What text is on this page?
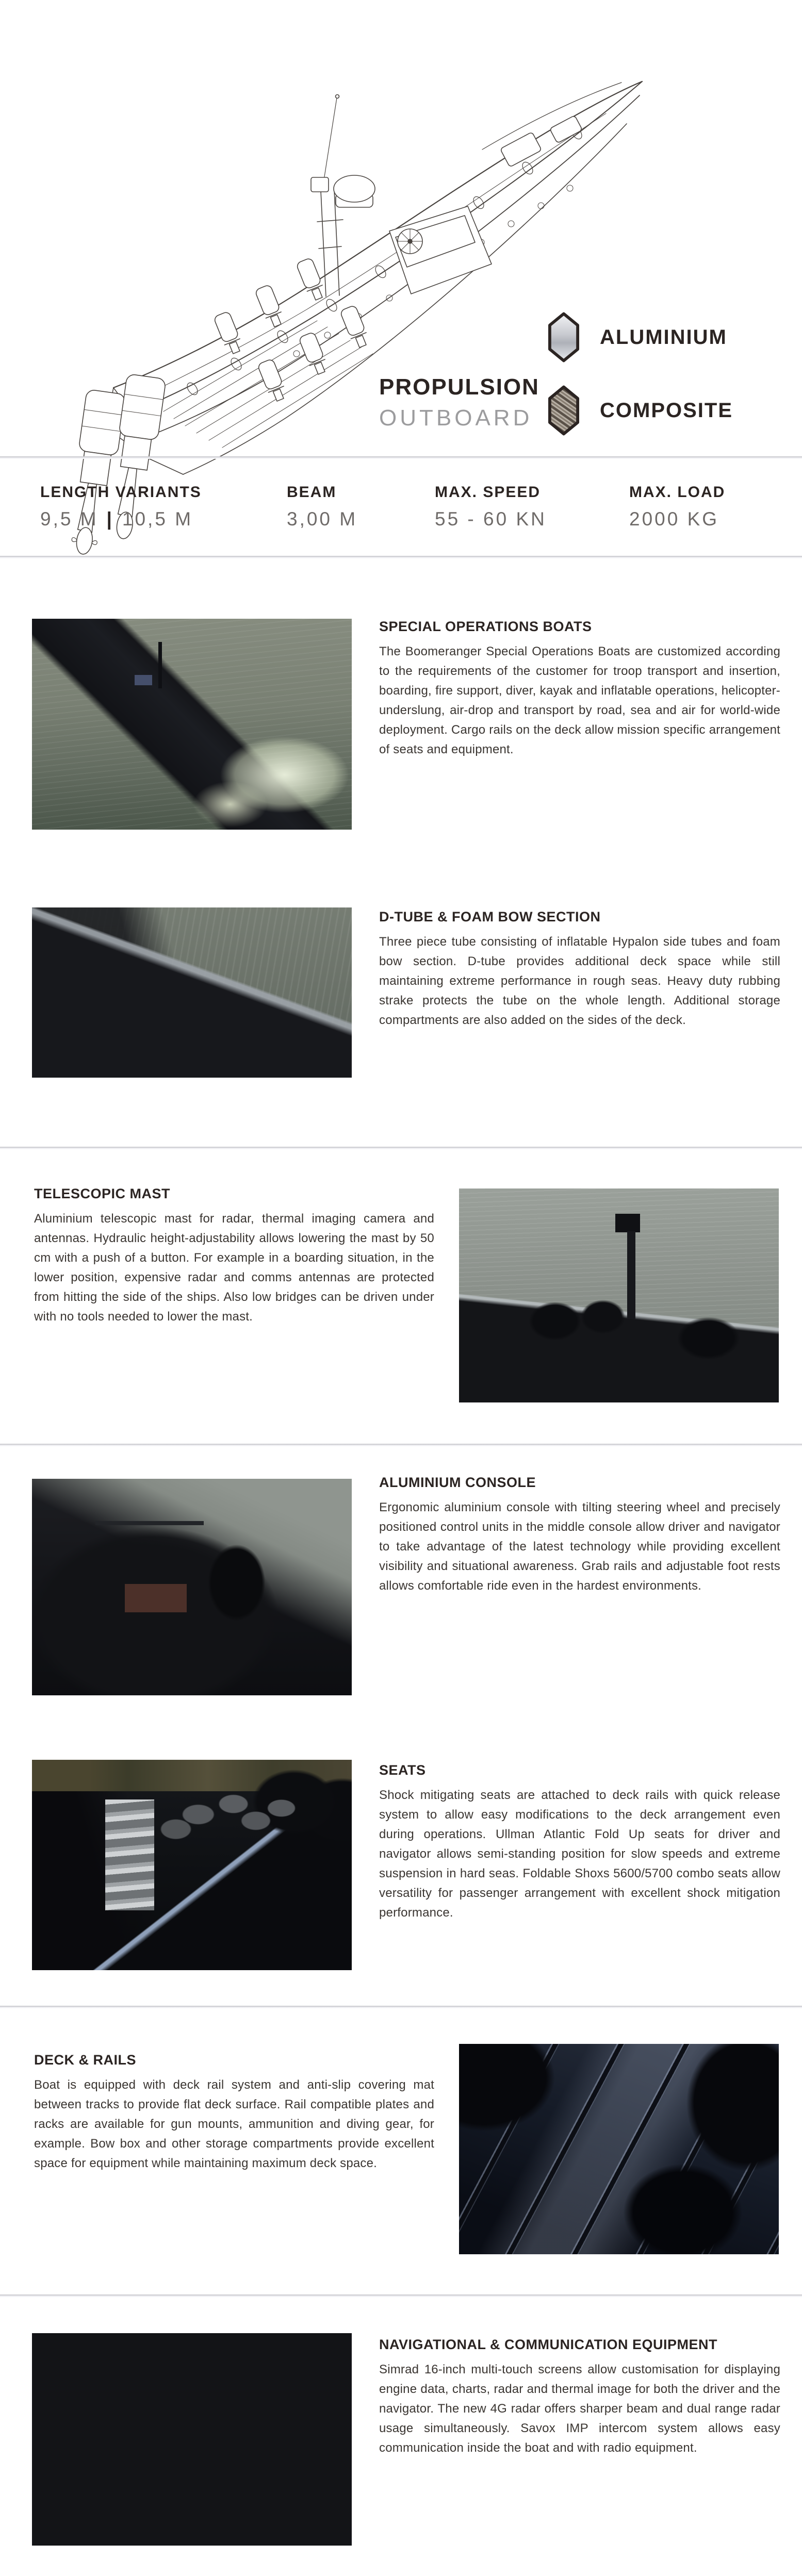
PROPULSION
OUTBOARD
ALUMINIUM
COMPOSITE
LENGTH VARIANTS
9,5 M | 10,5 M
BEAM
3,00 M
MAX. SPEED
55 - 60 KN
MAX. LOAD
2000 KG
SPECIAL OPERATIONS BOATS

The Boomeranger Special Operations Boats are customized according to the requirements of the customer for troop transport and insertion, boarding, fire support, diver, kayak and inflatable operations, helicopter-underslung, air-drop and transport by road, sea and air for world-wide deployment. Cargo rails on the deck allow mission specific arrangement of seats and equipment.

D-TUBE & FOAM BOW SECTION

Three piece tube consisting of inflatable Hypalon side tubes and foam bow section. D-tube provides additional deck space while still maintaining extreme performance in rough seas. Heavy duty rubbing strake protects the tube on the whole length. Additional storage compartments are also added on the sides of the deck.

TELESCOPIC MAST

Aluminium telescopic mast for radar, thermal imaging camera and antennas. Hydraulic height-adjustability allows lowering the mast by 50 cm with a push of a button. For example in a boarding situation, in the lower position, expensive radar and comms antennas are protected from hitting the side of the ships. Also low bridges can be driven under with no tools needed to lower the mast.

ALUMINIUM CONSOLE

Ergonomic aluminium console with tilting steering wheel and precisely positioned control units in the middle console allow driver and navigator to take advantage of the latest technology while providing excellent visibility and situational awareness. Grab rails and adjustable foot rests allows comfortable ride even in the hardest environments.

SEATS

Shock mitigating seats are attached to deck rails with quick release system to allow easy modifications to the deck arrangement even during operations. Ullman Atlantic Fold Up seats for driver and navigator allows semi-standing position for slow speeds and extreme suspension in hard seas. Foldable Shoxs 5600/5700 combo seats allow versatility for passenger arrangement with excellent shock mitigation performance.

DECK & RAILS

Boat is equipped with deck rail system and anti-slip covering mat between tracks to provide flat deck surface. Rail compatible plates and racks are available for gun mounts, ammunition and diving gear, for example. Bow box and other storage compartments provide excellent space for equipment while maintaining maximum deck space.

NAVIGATIONAL & COMMUNICATION EQUIPMENT

Simrad 16-inch multi-touch screens allow customisation for displaying engine data, charts, radar and thermal image for both the driver and the navigator. The new 4G radar offers sharper beam and dual range radar usage simultaneously. Savox IMP intercom system allows easy communication inside the boat and with radio equipment.
